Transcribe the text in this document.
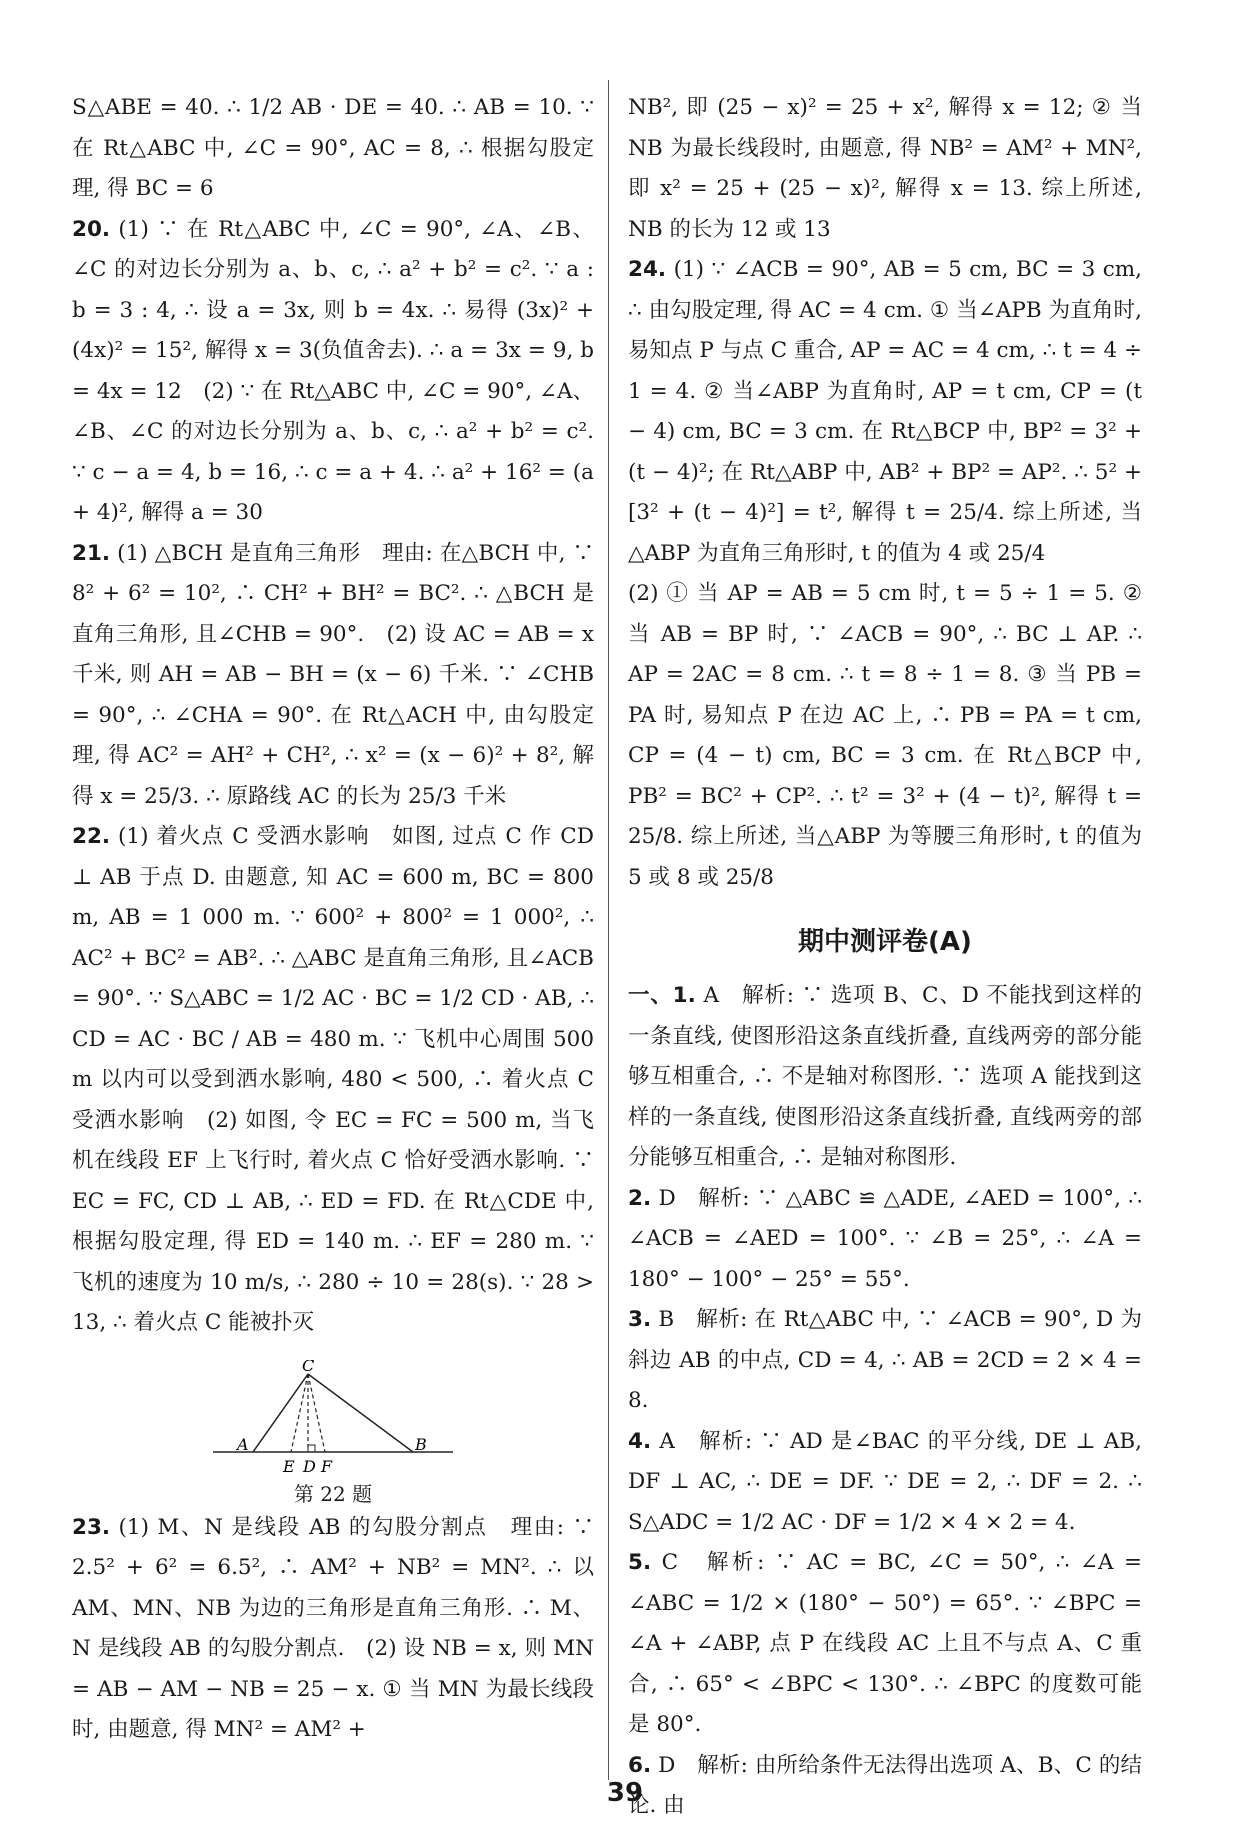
S△ABE = 40. ∴ 1/2 AB · DE = 40. ∴ AB = 10. ∵ 在 Rt△ABC 中, ∠C = 90°, AC = 8, ∴ 根据勾股定理, 得 BC = 6

20. (1) ∵ 在 Rt△ABC 中, ∠C = 90°, ∠A、∠B、∠C 的对边长分别为 a、b、c, ∴ a² + b² = c². ∵ a : b = 3 : 4, ∴ 设 a = 3x, 则 b = 4x. ∴ 易得 (3x)² + (4x)² = 15², 解得 x = 3(负值舍去). ∴ a = 3x = 9, b = 4x = 12　(2) ∵ 在 Rt△ABC 中, ∠C = 90°, ∠A、∠B、∠C 的对边长分别为 a、b、c, ∴ a² + b² = c². ∵ c − a = 4, b = 16, ∴ c = a + 4. ∴ a² + 16² = (a + 4)², 解得 a = 30

21. (1) △BCH 是直角三角形　理由: 在△BCH 中, ∵ 8² + 6² = 10², ∴ CH² + BH² = BC². ∴ △BCH 是直角三角形, 且∠CHB = 90°.　(2) 设 AC = AB = x 千米, 则 AH = AB − BH = (x − 6) 千米. ∵ ∠CHB = 90°, ∴ ∠CHA = 90°. 在 Rt△ACH 中, 由勾股定理, 得 AC² = AH² + CH², ∴ x² = (x − 6)² + 8², 解得 x = 25/3. ∴ 原路线 AC 的长为 25/3 千米

22. (1) 着火点 C 受洒水影响　如图, 过点 C 作 CD ⊥ AB 于点 D. 由题意, 知 AC = 600 m, BC = 800 m, AB = 1 000 m. ∵ 600² + 800² = 1 000², ∴ AC² + BC² = AB². ∴ △ABC 是直角三角形, 且∠ACB = 90°. ∵ S△ABC = 1/2 AC · BC = 1/2 CD · AB, ∴ CD = AC · BC / AB = 480 m. ∵ 飞机中心周围 500 m 以内可以受到洒水影响, 480 < 500, ∴ 着火点 C 受洒水影响　(2) 如图, 令 EC = FC = 500 m, 当飞机在线段 EF 上飞行时, 着火点 C 恰好受洒水影响. ∵ EC = FC, CD ⊥ AB, ∴ ED = FD. 在 Rt△CDE 中, 根据勾股定理, 得 ED = 140 m. ∴ EF = 280 m. ∵ 飞机的速度为 10 m/s, ∴ 280 ÷ 10 = 28(s). ∵ 28 > 13, ∴ 着火点 C 能被扑灭

C
A
E D F
B
第 22 题

23. (1) M、N 是线段 AB 的勾股分割点　理由: ∵ 2.5² + 6² = 6.5², ∴ AM² + NB² = MN². ∴ 以 AM、MN、NB 为边的三角形是直角三角形. ∴ M、N 是线段 AB 的勾股分割点.　(2) 设 NB = x, 则 MN = AB − AM − NB = 25 − x. ① 当 MN 为最长线段时, 由题意, 得 MN² = AM² +

NB², 即 (25 − x)² = 25 + x², 解得 x = 12; ② 当 NB 为最长线段时, 由题意, 得 NB² = AM² + MN², 即 x² = 25 + (25 − x)², 解得 x = 13. 综上所述, NB 的长为 12 或 13

24. (1) ∵ ∠ACB = 90°, AB = 5 cm, BC = 3 cm, ∴ 由勾股定理, 得 AC = 4 cm. ① 当∠APB 为直角时, 易知点 P 与点 C 重合, AP = AC = 4 cm, ∴ t = 4 ÷ 1 = 4. ② 当∠ABP 为直角时, AP = t cm, CP = (t − 4) cm, BC = 3 cm. 在 Rt△BCP 中, BP² = 3² + (t − 4)²; 在 Rt△ABP 中, AB² + BP² = AP². ∴ 5² + [3² + (t − 4)²] = t², 解得 t = 25/4. 综上所述, 当△ABP 为直角三角形时, t 的值为 4 或 25/4

(2) ① 当 AP = AB = 5 cm 时, t = 5 ÷ 1 = 5. ② 当 AB = BP 时, ∵ ∠ACB = 90°, ∴ BC ⊥ AP. ∴ AP = 2AC = 8 cm. ∴ t = 8 ÷ 1 = 8. ③ 当 PB = PA 时, 易知点 P 在边 AC 上, ∴ PB = PA = t cm, CP = (4 − t) cm, BC = 3 cm. 在 Rt△BCP 中, PB² = BC² + CP². ∴ t² = 3² + (4 − t)², 解得 t = 25/8. 综上所述, 当△ABP 为等腰三角形时, t 的值为 5 或 8 或 25/8

期中测评卷(A)

一、1. A　解析: ∵ 选项 B、C、D 不能找到这样的一条直线, 使图形沿这条直线折叠, 直线两旁的部分能够互相重合, ∴ 不是轴对称图形. ∵ 选项 A 能找到这样的一条直线, 使图形沿这条直线折叠, 直线两旁的部分能够互相重合, ∴ 是轴对称图形.

2. D　解析: ∵ △ABC ≌ △ADE, ∠AED = 100°, ∴ ∠ACB = ∠AED = 100°. ∵ ∠B = 25°, ∴ ∠A = 180° − 100° − 25° = 55°.

3. B　解析: 在 Rt△ABC 中, ∵ ∠ACB = 90°, D 为斜边 AB 的中点, CD = 4, ∴ AB = 2CD = 2 × 4 = 8.

4. A　解析: ∵ AD 是∠BAC 的平分线, DE ⊥ AB, DF ⊥ AC, ∴ DE = DF. ∵ DE = 2, ∴ DF = 2. ∴ S△ADC = 1/2 AC · DF = 1/2 × 4 × 2 = 4.

5. C　解析: ∵ AC = BC, ∠C = 50°, ∴ ∠A = ∠ABC = 1/2 × (180° − 50°) = 65°. ∵ ∠BPC = ∠A + ∠ABP, 点 P 在线段 AC 上且不与点 A、C 重合, ∴ 65° < ∠BPC < 130°. ∴ ∠BPC 的度数可能是 80°.

6. D　解析: 由所给条件无法得出选项 A、B、C 的结论. 由

39
